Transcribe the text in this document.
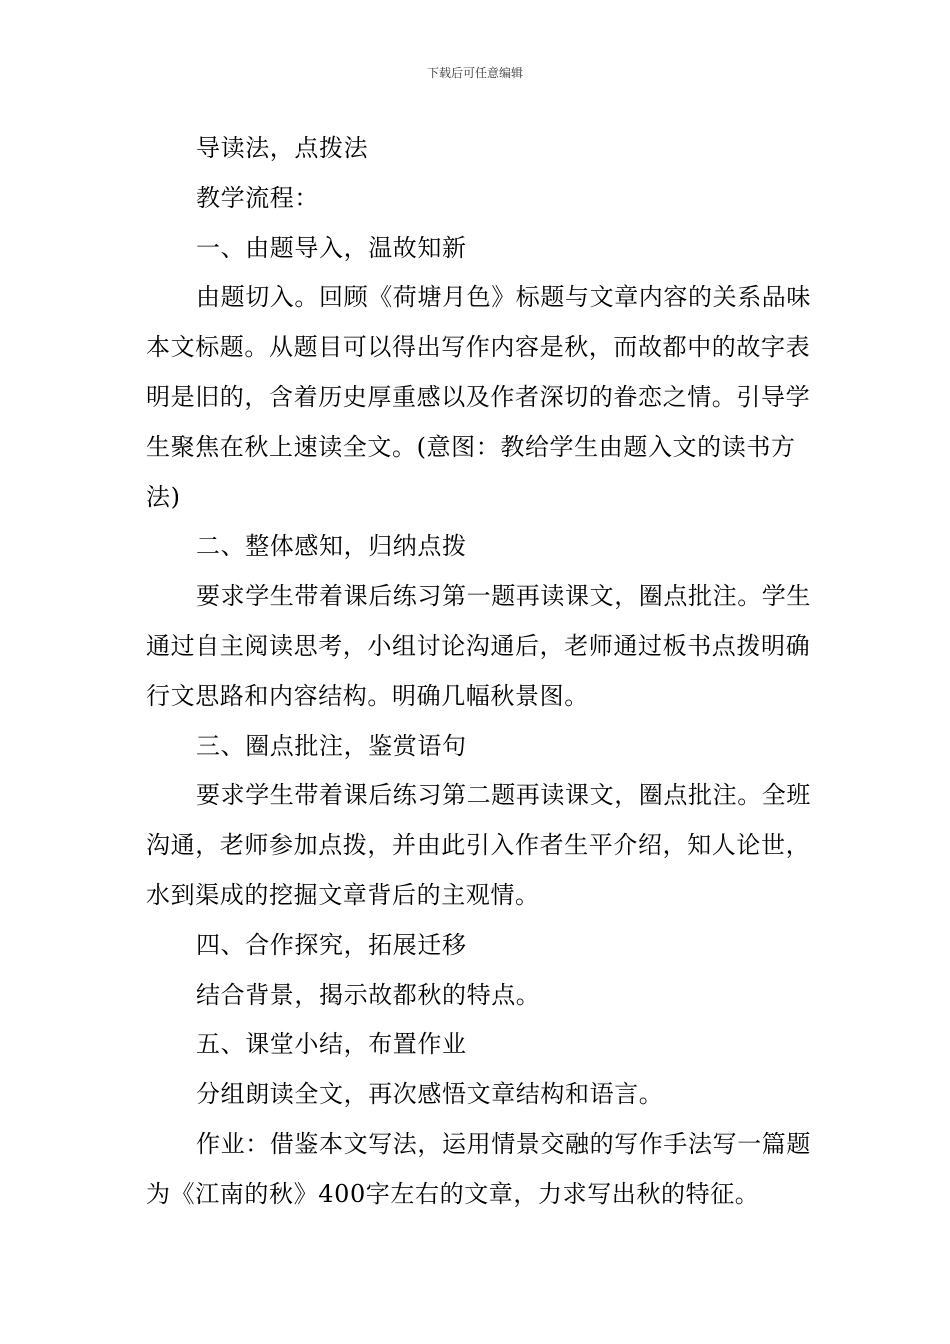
下载后可任意编辑

导读法，点拨法

教学流程：

一、由题导入，温故知新

由题切入。回顾《荷塘月色》标题与文章内容的关系品味本文标题。从题目可以得出写作内容是秋，而故都中的故字表明是旧的，含着历史厚重感以及作者深切的眷恋之情。引导学生聚焦在秋上速读全文。(意图：教给学生由题入文的读书方法)

二、整体感知，归纳点拨

要求学生带着课后练习第一题再读课文，圈点批注。学生通过自主阅读思考，小组讨论沟通后，老师通过板书点拨明确行文思路和内容结构。明确几幅秋景图。

三、圈点批注，鉴赏语句

要求学生带着课后练习第二题再读课文，圈点批注。全班沟通，老师参加点拨，并由此引入作者生平介绍，知人论世，水到渠成的挖掘文章背后的主观情。

四、合作探究，拓展迁移

结合背景，揭示故都秋的特点。

五、课堂小结，布置作业

分组朗读全文，再次感悟文章结构和语言。

作业：借鉴本文写法，运用情景交融的写作手法写一篇题为《江南的秋》400字左右的文章，力求写出秋的特征。
